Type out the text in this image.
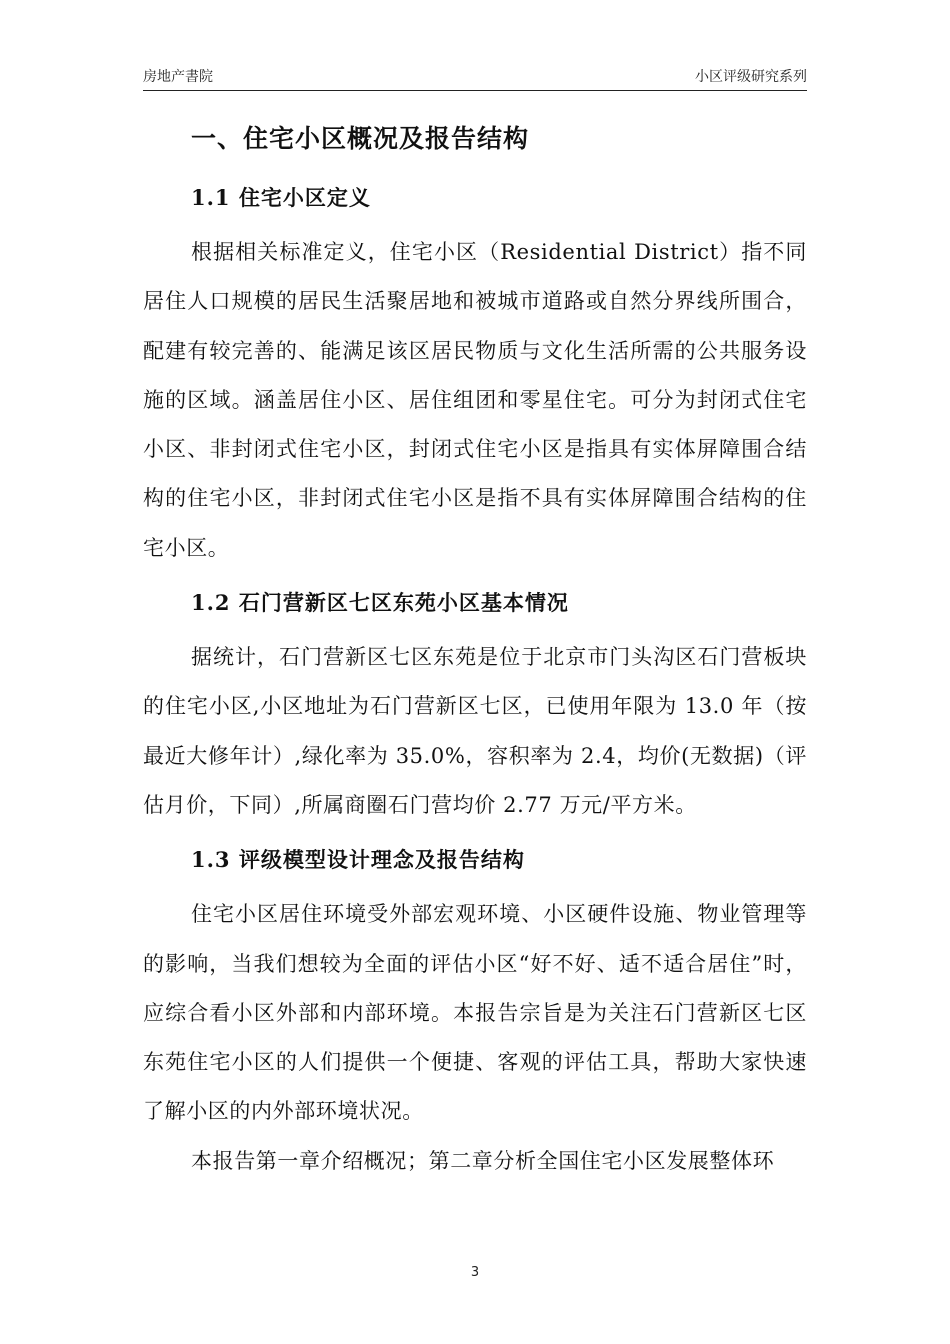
房地产書院	小区评级研究系列
一、住宅小区概况及报告结构
1.1 住宅小区定义

根据相关标准定义，住宅小区（Residential District）指不同居住人口规模的居民生活聚居地和被城市道路或自然分界线所围合，配建有较完善的、能满足该区居民物质与文化生活所需的公共服务设施的区域。涵盖居住小区、居住组团和零星住宅。可分为封闭式住宅小区、非封闭式住宅小区，封闭式住宅小区是指具有实体屏障围合结构的住宅小区，非封闭式住宅小区是指不具有实体屏障围合结构的住宅小区。

1.2 石门营新区七区东苑小区基本情况

据统计，石门营新区七区东苑是位于北京市门头沟区石门营板块的住宅小区,小区地址为石门营新区七区，已使用年限为 13.0 年（按最近大修年计）,绿化率为 35.0%，容积率为 2.4，均价(无数据)（评估月价，下同）,所属商圈石门营均价 2.77 万元/平方米。

1.3 评级模型设计理念及报告结构

住宅小区居住环境受外部宏观环境、小区硬件设施、物业管理等的影响，当我们想较为全面的评估小区“好不好、适不适合居住”时，应综合看小区外部和内部环境。本报告宗旨是为关注石门营新区七区东苑住宅小区的人们提供一个便捷、客观的评估工具，帮助大家快速了解小区的内外部环境状况。

本报告第一章介绍概况；第二章分析全国住宅小区发展整体环

3
